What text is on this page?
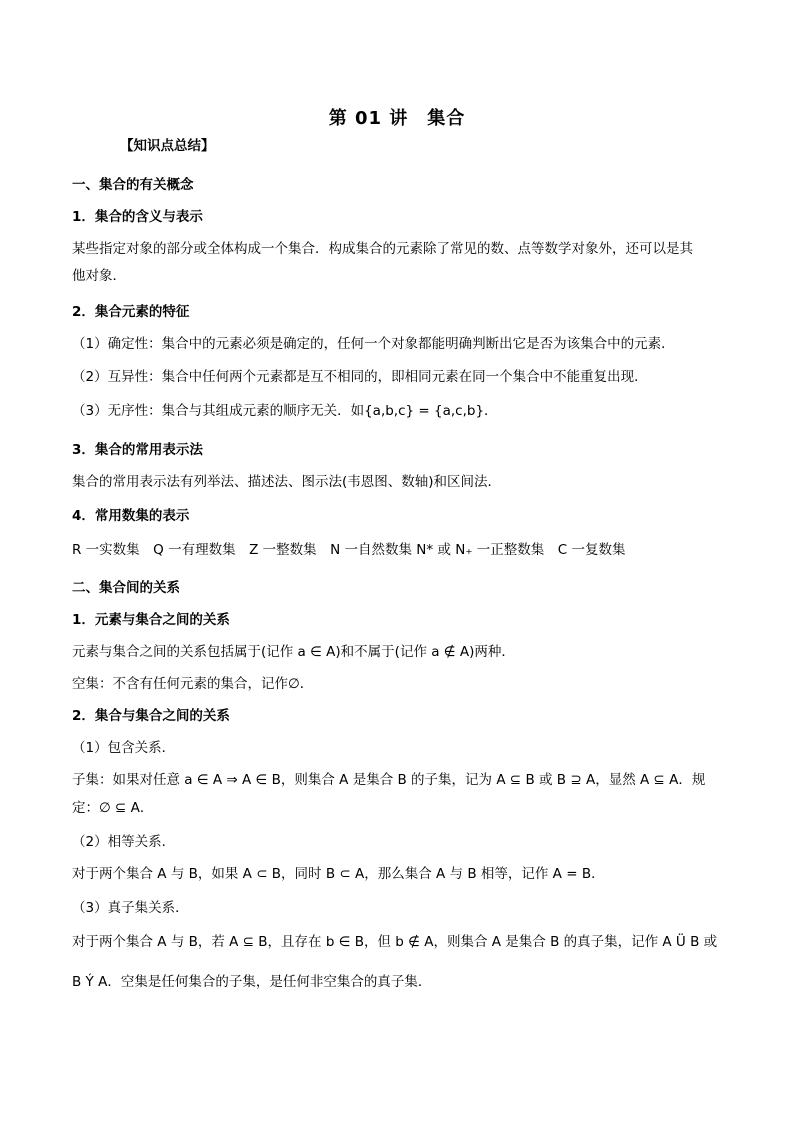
第 01 讲　集合
【知识点总结】
一、集合的有关概念
1．集合的含义与表示
某些指定对象的部分或全体构成一个集合．构成集合的元素除了常见的数、点等数学对象外，还可以是其
他对象．
2．集合元素的特征
（1）确定性：集合中的元素必须是确定的，任何一个对象都能明确判断出它是否为该集合中的元素．
（2）互异性：集合中任何两个元素都是互不相同的，即相同元素在同一个集合中不能重复出现．
（3）无序性：集合与其组成元素的顺序无关．如{a,b,c} = {a,c,b}．
3．集合的常用表示法
集合的常用表示法有列举法、描述法、图示法(韦恩图、数轴)和区间法．
4．常用数集的表示
R 一实数集　Q 一有理数集　Z 一整数集　N 一自然数集 N* 或 N₊ 一正整数集　C 一复数集
二、集合间的关系
1．元素与集合之间的关系
元素与集合之间的关系包括属于(记作 a ∈ A)和不属于(记作 a ∉ A)两种．
空集：不含有任何元素的集合，记作∅．
2．集合与集合之间的关系
（1）包含关系．
子集：如果对任意 a ∈ A ⇒ A ∈ B，则集合 A 是集合 B 的子集，记为 A ⊆ B 或 B ⊇ A，显然 A ⊆ A．规
定：∅ ⊆ A．
（2）相等关系．
对于两个集合 A 与 B，如果 A ⊂ B，同时 B ⊂ A，那么集合 A 与 B 相等，记作 A = B．
（3）真子集关系．
对于两个集合 A 与 B，若 A ⊆ B，且存在 b ∈ B，但 b ∉ A，则集合 A 是集合 B 的真子集，记作 A Ü B 或
B Ý A．空集是任何集合的子集，是任何非空集合的真子集．
